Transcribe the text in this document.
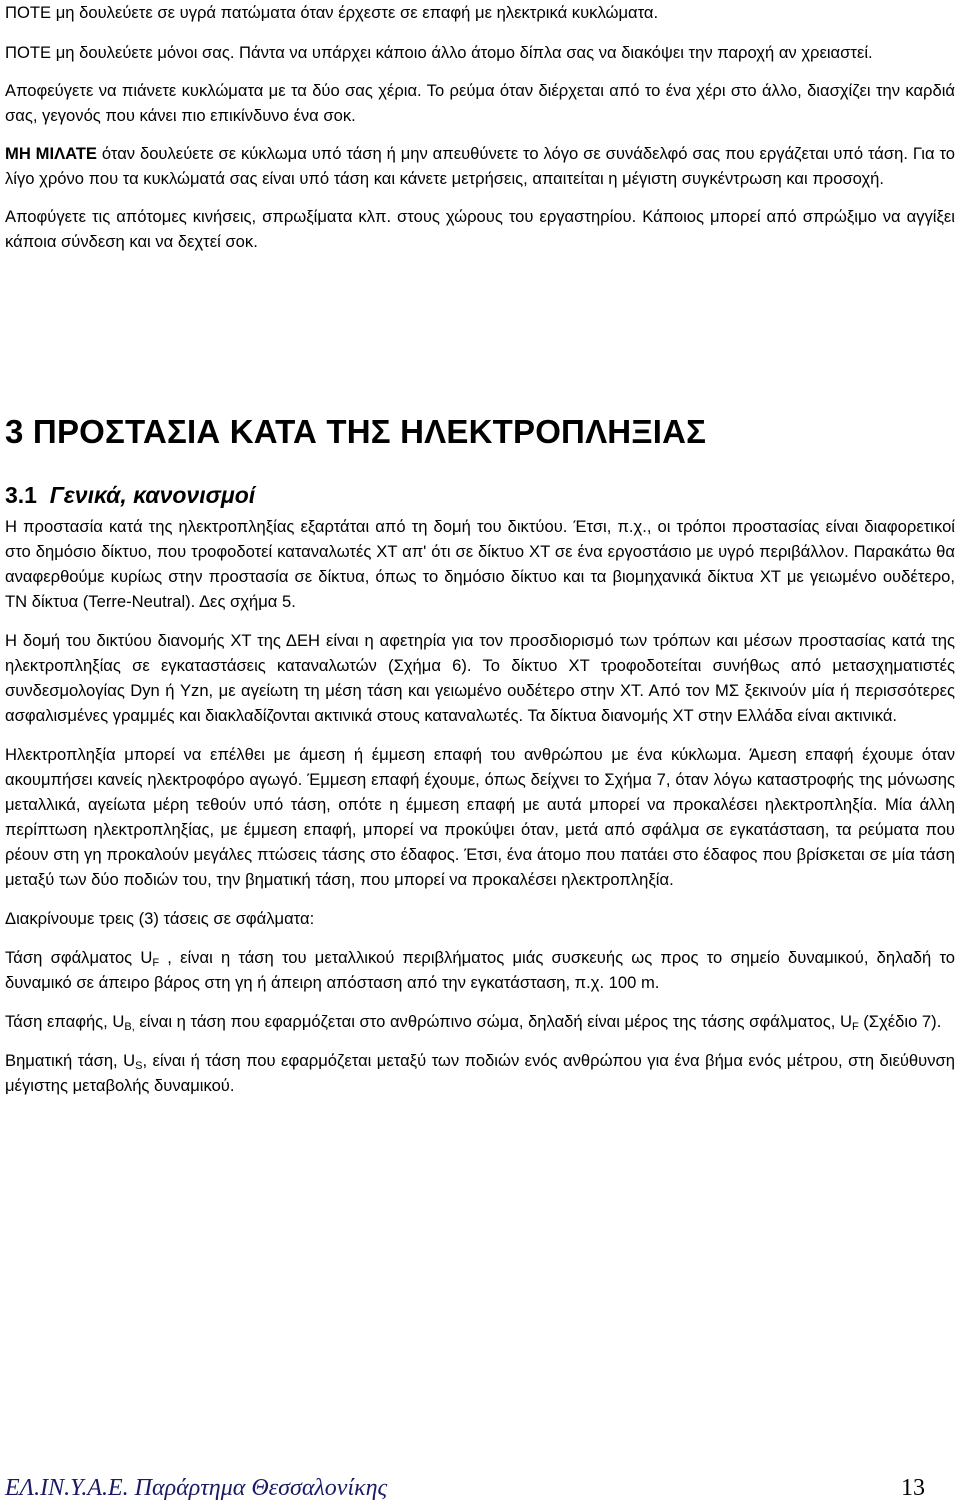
ΠΟΤΕ μη δουλεύετε σε υγρά πατώματα όταν έρχεστε σε επαφή με ηλεκτρικά κυκλώματα.

ΠΟΤΕ μη δουλεύετε μόνοι σας. Πάντα να υπάρχει κάποιο άλλο άτομο δίπλα σας να διακόψει την παροχή αν χρειαστεί.

Αποφεύγετε να πιάνετε κυκλώματα με τα δύο σας χέρια. Το ρεύμα όταν διέρχεται από το ένα χέρι στο άλλο, διασχίζει την καρδιά σας, γεγονός που κάνει πιο επικίνδυνο ένα σοκ.

ΜΗ ΜΙΛΑΤΕ όταν δουλεύετε σε κύκλωμα υπό τάση ή μην απευθύνετε το λόγο σε συνάδελφό σας που εργάζεται υπό τάση. Για το λίγο χρόνο που τα κυκλώματά σας είναι υπό τάση και κάνετε μετρήσεις, απαιτείται η μέγιστη συγκέντρωση και προσοχή.

Αποφύγετε τις απότομες κινήσεις, σπρωξίματα κλπ. στους χώρους του εργαστηρίου. Κάποιος μπορεί από σπρώξιμο να αγγίξει κάποια σύνδεση και να δεχτεί σοκ.

3 ΠΡΟΣΤΑΣΙΑ ΚΑΤΑ ΤΗΣ ΗΛΕΚΤΡΟΠΛΗΞΙΑΣ
3.1 Γενικά, κανονισμοί

Η προστασία κατά της ηλεκτροπληξίας εξαρτάται από τη δομή του δικτύου. Έτσι, π.χ., οι τρόποι προστασίας είναι διαφορετικοί στο δημόσιο δίκτυο, που τροφοδοτεί καταναλωτές ΧΤ απ' ότι σε δίκτυο ΧΤ σε ένα εργοστάσιο με υγρό περιβάλλον. Παρακάτω θα αναφερθούμε κυρίως στην προστασία σε δίκτυα, όπως το δημόσιο δίκτυο και τα βιομηχανικά δίκτυα ΧΤ με γειωμένο ουδέτερο, ΤΝ δίκτυα (Terre-Neutral). Δες σχήμα 5.

Η δομή του δικτύου διανομής ΧΤ της ΔΕΗ είναι η αφετηρία για τον προσδιορισμό των τρόπων και μέσων προστασίας κατά της ηλεκτροπληξίας σε εγκαταστάσεις καταναλωτών (Σχήμα 6). Το δίκτυο ΧΤ τροφοδοτείται συνήθως από μετασχηματιστές συνδεσμολογίας Dyn ή Yzn, με αγείωτη τη μέση τάση και γειωμένο ουδέτερο στην ΧΤ. Από τον ΜΣ ξεκινούν μία ή περισσότερες ασφαλισμένες γραμμές και διακλαδίζονται ακτινικά στους καταναλωτές. Τα δίκτυα διανομής ΧΤ στην Ελλάδα είναι ακτινικά.

Ηλεκτροπληξία μπορεί να επέλθει με άμεση ή έμμεση επαφή του ανθρώπου με ένα κύκλωμα. Άμεση επαφή έχουμε όταν ακουμπήσει κανείς ηλεκτροφόρο αγωγό. Έμμεση επαφή έχουμε, όπως δείχνει το Σχήμα 7, όταν λόγω καταστροφής της μόνωσης μεταλλικά, αγείωτα μέρη τεθούν υπό τάση, οπότε η έμμεση επαφή με αυτά μπορεί να προκαλέσει ηλεκτροπληξία. Μία άλλη περίπτωση ηλεκτροπληξίας, με έμμεση επαφή, μπορεί να προκύψει όταν, μετά από σφάλμα σε εγκατάσταση, τα ρεύματα που ρέουν στη γη προκαλούν μεγάλες πτώσεις τάσης στο έδαφος. Έτσι, ένα άτομο που πατάει στο έδαφος που βρίσκεται σε μία τάση μεταξύ των δύο ποδιών του, την βηματική τάση, που μπορεί να προκαλέσει ηλεκτροπληξία.

Διακρίνουμε τρεις (3) τάσεις σε σφάλματα:

Τάση σφάλματος $U_F$ , είναι η τάση του μεταλλικού περιβλήματος μιάς συσκευής ως προς το σημείο δυναμικού, δηλαδή το δυναμικό σε άπειρο βάρος στη γη ή άπειρη απόσταση από την εγκατάσταση, π.χ. 100 m.

Τάση επαφής, $U_{B,}$ είναι η τάση που εφαρμόζεται στο ανθρώπινο σώμα, δηλαδή είναι μέρος της τάσης σφάλματος, $U_F$ (Σχέδιο 7).

Βηματική τάση, $U_S$, είναι ή τάση που εφαρμόζεται μεταξύ των ποδιών ενός ανθρώπου για ένα βήμα ενός μέτρου, στη διεύθυνση μέγιστης μεταβολής δυναμικού.

ΕΛ.ΙΝ.Υ.Α.Ε. Παράρτημα Θεσσαλονίκης	13
